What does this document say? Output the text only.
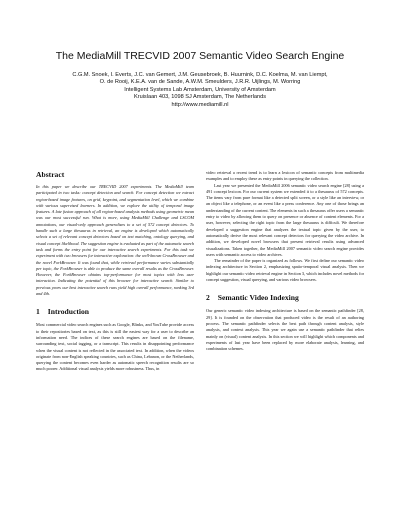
The MediaMill TRECVID 2007 Semantic Video Search Engine
C.G.M. Snoek, I. Everts, J.C. van Gemert, J.M. Geusebroek, B. Huurnink, D.C. Koelma, M. van Liempt,
O. de Rooij, K.E.A. van de Sande, A.W.M. Smeulders, J.R.R. Uijlings, M. Worring
Intelligent Systems Lab Amsterdam, University of Amsterdam
Kruislaan 403, 1098 SJ Amsterdam, The Netherlands
http://www.mediamill.nl
Abstract

In this paper we describe our TRECVID 2007 experiments. The MediaMill team participated in two tasks: concept detection and search. For concept detection we extract region-based image features, on grid, keypoint, and segmentation level, which we combine with various supervised learners. In addition, we explore the utility of temporal image features. A late fusion approach of all region-based analysis methods using geometric mean was our most successful run. What is more, using MediaMill Challenge and LSCOM annotations, our visual-only approach generalizes to a set of 572 concept detectors. To handle such a large thesaurus in retrieval, an engine is developed which automatically selects a set of relevant concept detectors based on text matching, ontology querying, and visual concept likelihood. The suggestion engine is evaluated as part of the automatic search task and forms the entry point for our interactive search experiments. For this task we experiment with two browsers for interactive exploration: the well-known CrossBrowser and the novel ForkBrowser. It was found that, while retrieval performance varies substantially per topic, the ForkBrowser is able to produce the same overall results as the CrossBrowser. However, the ForkBrowser obtains top-performance for most topics with less user interaction. Indicating the potential of this browser for interactive search. Similar to previous years our best interactive search runs yield high overall performance, ranking 3rd and 4th.

1 Introduction

Most commercial video search engines such as Google, Blinkx, and YouTube provide access to their repositories based on text, as this is still the easiest way for a user to describe an information need. The indices of these search engines are based on the filename, surrounding text, social tagging, or a transcript. This results in disappointing performance when the visual content is not reflected in the associated text. In addition, when the videos originate from non-English speaking countries, such as China, Lebanon, or the Netherlands, querying the content becomes even harder as automatic speech recognition results are so much poorer. Additional visual analysis yields more robustness. Thus, in

video retrieval a recent trend is to learn a lexicon of semantic concepts from multimedia examples and to employ these as entry points in querying the collection.

Last year we presented the MediaMill 2006 semantic video search engine [28] using a 491 concept lexicon. For our current system we extended it to a thesaurus of 572 concepts. The items vary from pure format like a detected split screen, or a style like an interview, or an object like a telephone, or an event like a press conference. Any one of those brings an understanding of the current content. The elements in such a thesaurus offer users a semantic entry to video by allowing them to query on presence or absence of content elements. For a user, however, selecting the right topic from the large thesaurus is difficult. We therefore developed a suggestion engine that analyzes the textual topic given by the user, to automatically derive the most relevant concept detectors for querying the video archive. In addition, we developed novel browsers that present retrieval results using advanced visualizations. Taken together, the MediaMill 2007 semantic video search engine provides users with semantic access to video archives.

The remainder of the paper is organized as follows. We first define our semantic video indexing architecture in Section 2, emphasizing spatio-temporal visual analysis. Then we highlight our semantic video retrieval engine in Section 3, which includes novel methods for concept suggestion, visual querying, and various video browsers.

2 Semantic Video Indexing

Our generic semantic video indexing architecture is based on the semantic pathfinder [28, 29]. It is founded on the observation that produced video is the result of an authoring process. The semantic pathfinder selects the best path through content analysis, style analysis, and context analysis. This year we again use a semantic pathfinder that relies mainly on (visual) content analysis. In this section we will highlight which components and experiments of last year have been replaced by more elaborate analysis, learning, and combination schemes.
